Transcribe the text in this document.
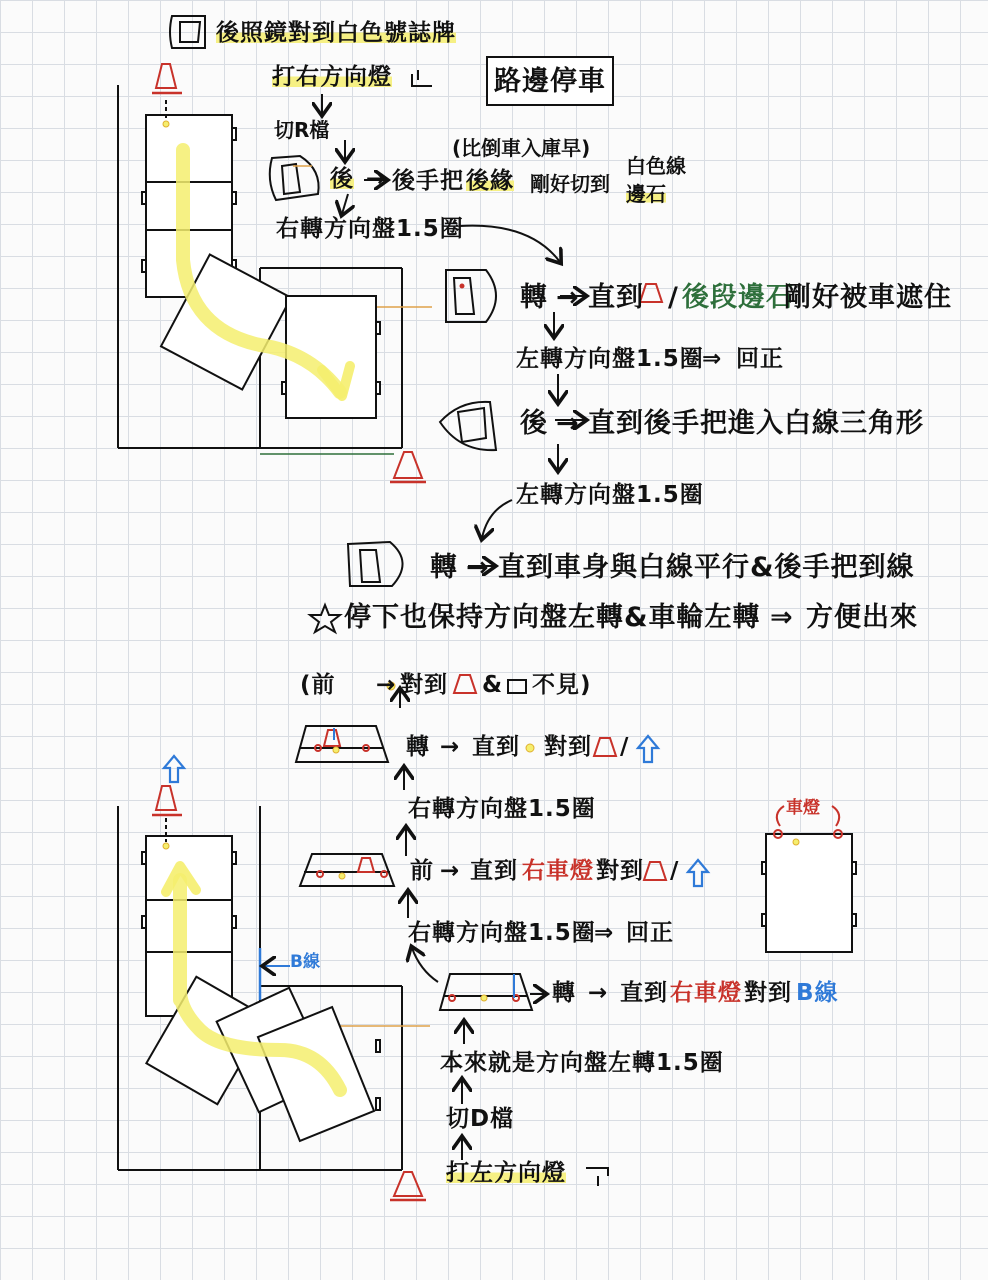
路邊停車
後照鏡對到白色號誌牌
打右方向燈
切R檔
(比倒車入庫早)
後 後手把 後緣 剛好切到
白色線
邊石
右轉方向盤1.5圈
轉 直到 / 後段邊石
剛好被車遮住
左轉方向盤1.5圈
⇒ 回正
後 直到後手把進入白線三角形
左轉方向盤1.5圈
轉 直到車身與白線平行&後手把到線
停下也保持方向盤左轉&車輪左轉 ⇒ 方便出來
(前	對到 & 不見)
轉 直到 對到 /
右轉方向盤1.5圈
前 直到 右車燈 對到 /
右轉方向盤1.5圈
⇒ 回正
B線
轉 直到 右車燈 對到 B線
本來就是方向盤左轉1.5圈
切D檔
打左方向燈
車燈
→
→
→
→
→
→
→
→
